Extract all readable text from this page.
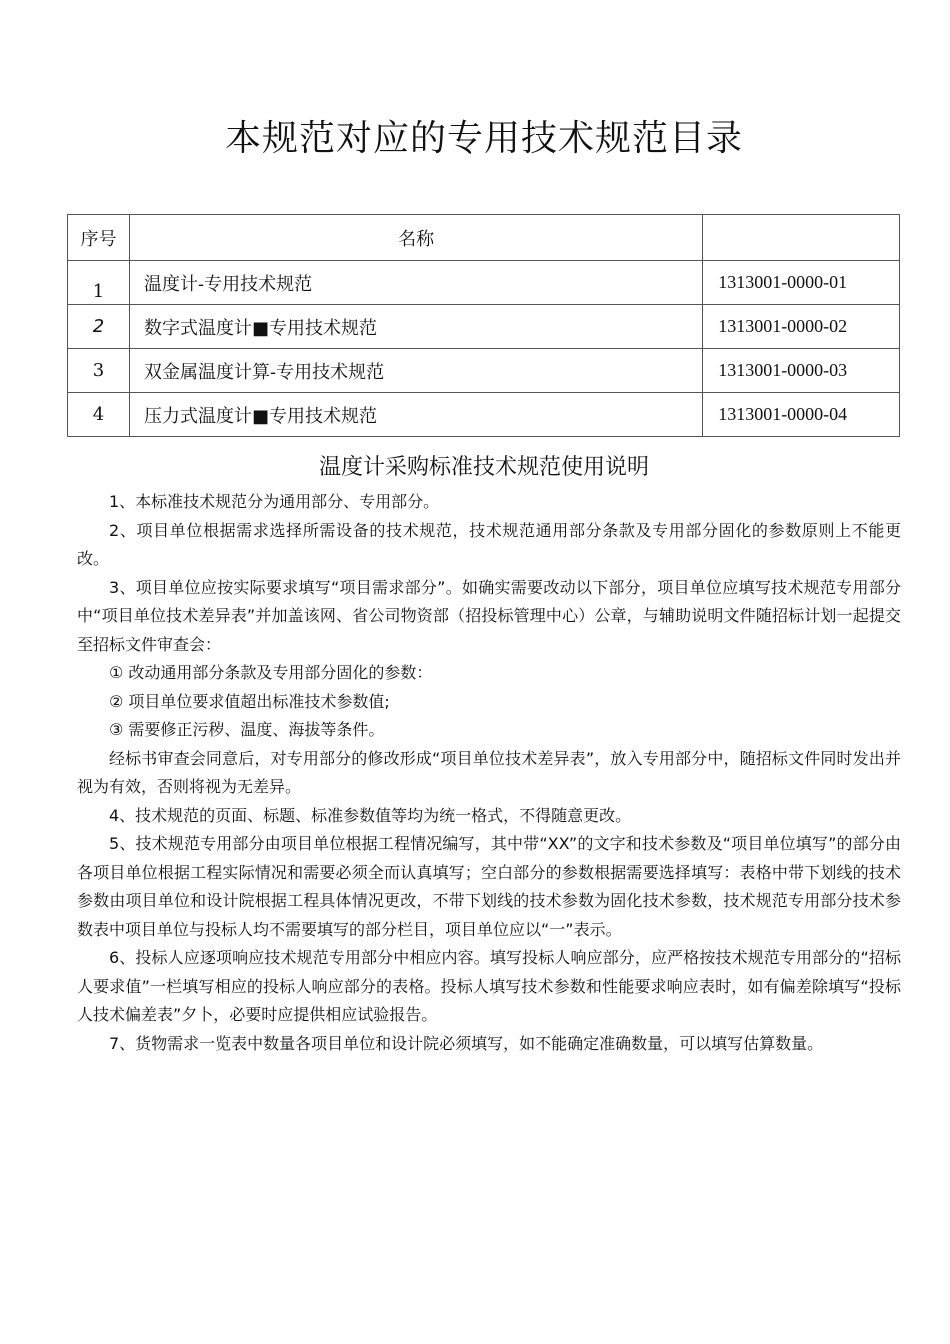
本规范对应的专用技术规范目录
序号	名称	
1	温度计-专用技术规范	1313001-0000-01
2	数字式温度计■专用技术规范	1313001-0000-02
3	双金属温度计算-专用技术规范	1313001-0000-03
4	压力式温度计■专用技术规范	1313001-0000-04
温度计采购标准技术规范使用说明

1、本标准技术规范分为通用部分、专用部分。

2、项目单位根据需求选择所需设备的技术规范，技术规范通用部分条款及专用部分固化的参数原则上不能更改。

3、项目单位应按实际要求填写“项目需求部分”。如确实需要改动以下部分，项目单位应填写技术规范专用部分中“项目单位技术差异表”并加盖该网、省公司物资部（招投标管理中心）公章，与辅助说明文件随招标计划一起提交至招标文件审查会：

① 改动通用部分条款及专用部分固化的参数：

② 项目单位要求值超出标准技术参数值;

③ 需要修正污秽、温度、海拔等条件。

经标书审查会同意后，对专用部分的修改形成“项目单位技术差异表”，放入专用部分中，随招标文件同时发出并视为有效，否则将视为无差异。

4、技术规范的页面、标题、标准参数值等均为统一格式，不得随意更改。

5、技术规范专用部分由项目单位根据工程情况编写，其中带“XX”的文字和技术参数及“项目单位填写”的部分由各项目单位根据工程实际情况和需要必须全而认真填写；空白部分的参数根据需要选择填写：表格中带下划线的技术参数由项目单位和设计院根据工程具体情况更改，不带下划线的技术参数为固化技术参数，技术规范专用部分技术参数表中项目单位与投标人均不需要填写的部分栏目，项目单位应以“一”表示。

6、投标人应逐项响应技术规范专用部分中相应内容。填写投标人响应部分，应严格按技术规范专用部分的“招标人要求值”一栏填写相应的投标人响应部分的表格。投标人填写技术参数和性能要求响应表时，如有偏差除填写“投标人技术偏差表”夕卜，必要时应提供相应试验报告。

7、货物需求一览表中数量各项目单位和设计院必须填写，如不能确定准确数量，可以填写估算数量。
